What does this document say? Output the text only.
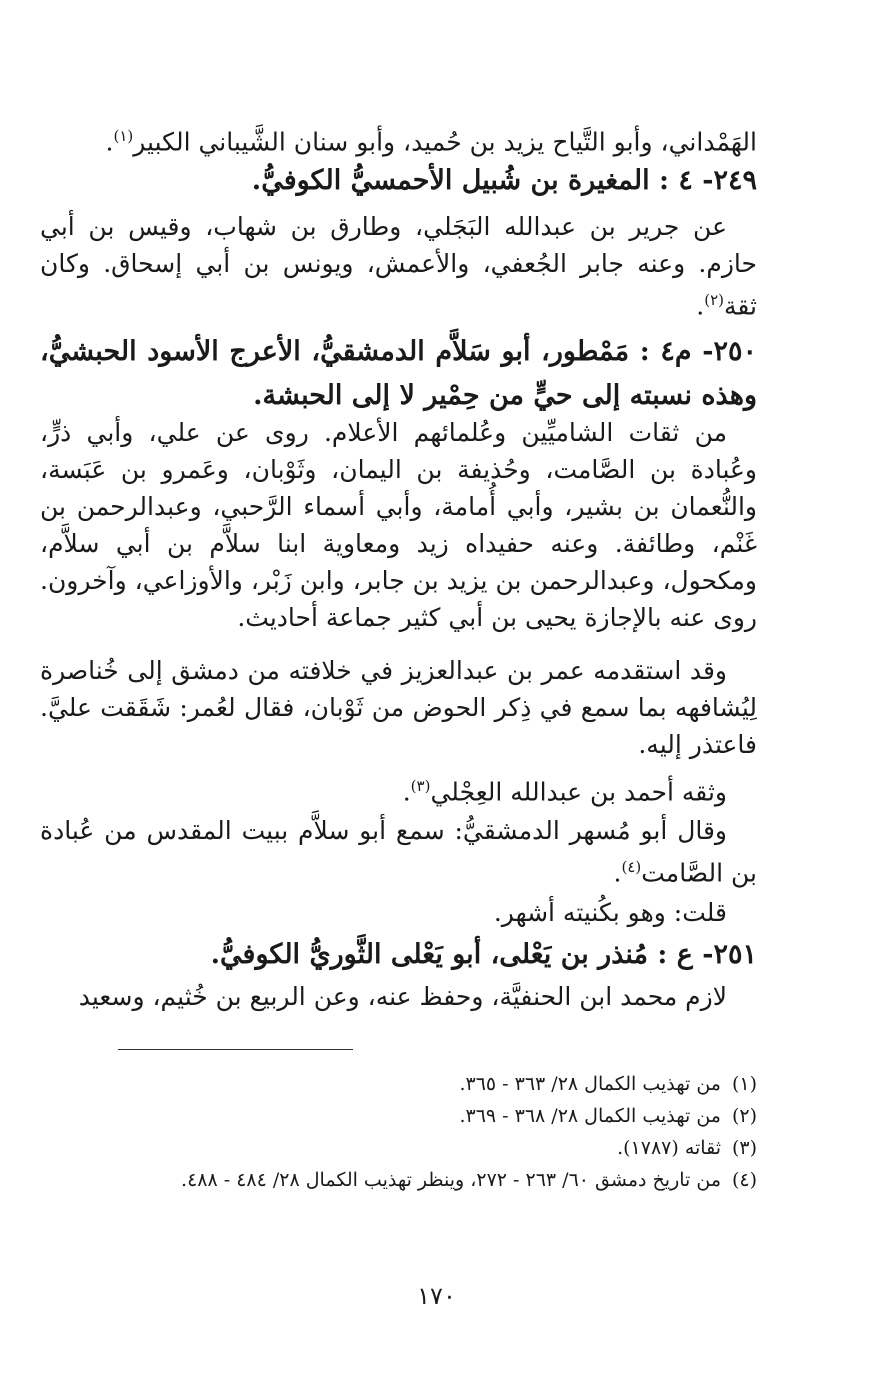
الهَمْداني، وأبو التَّياح يزيد بن حُميد، وأبو سنان الشَّيباني الكبير$^{(١)}$.

٢٤٩- ٤ : المغيرة بن شُبيل الأحمسيُّ الكوفيُّ.

عن جرير بن عبدالله البَجَلي، وطارق بن شهاب، وقيس بن أبي حازم. وعنه جابر الجُعفي، والأعمش، ويونس بن أبي إسحاق. وكان ثقة$^{(٢)}$.

٢٥٠- م٤ : مَمْطور، أبو سَلاَّم الدمشقيُّ، الأعرج الأسود الحبشيُّ، وهذه نسبته إلى حيٍّ من حِمْير لا إلى الحبشة.

من ثقات الشاميِّين وعُلمائهم الأعلام. روى عن علي، وأبي ذرٍّ، وعُبادة بن الصَّامت، وحُذيفة بن اليمان، وثَوْبان، وعَمرو بن عَبَسة، والنُّعمان بن بشير، وأبي أُمامة، وأبي أسماء الرَّحبي، وعبدالرحمن بن غَنْم، وطائفة. وعنه حفيداه زيد ومعاوية ابنا سلاَّم بن أبي سلاَّم، ومكحول، وعبدالرحمن بن يزيد بن جابر، وابن زَبْر، والأوزاعي، وآخرون. روى عنه بالإجازة يحيى بن أبي كثير جماعة أحاديث.

وقد استقدمه عمر بن عبدالعزيز في خلافته من دمشق إلى خُناصرة لِيُشافهه بما سمع في ذِكر الحوض من ثَوْبان، فقال لعُمر: شَقَقت عليَّ. فاعتذر إليه.

وثقه أحمد بن عبدالله العِجْلي$^{(٣)}$.

وقال أبو مُسهر الدمشقيُّ: سمع أبو سلاَّم ببيت المقدس من عُبادة بن الصَّامت$^{(٤)}$.

قلت: وهو بكُنيته أشهر.

٢٥١- ع : مُنذر بن يَعْلى، أبو يَعْلى الثَّوريُّ الكوفيُّ.

لازم محمد ابن الحنفيَّة، وحفظ عنه، وعن الربيع بن خُثيم، وسعيد

(١)من تهذيب الكمال ٢٨/ ٣٦٣ - ٣٦٥.
(٢)من تهذيب الكمال ٢٨/ ٣٦٨ - ٣٦٩.
(٣)ثقاته (١٧٨٧).
(٤)من تاريخ دمشق ٦٠/ ٢٦٣ - ٢٧٢، وينظر تهذيب الكمال ٢٨/ ٤٨٤ - ٤٨٨.
١٧٠
